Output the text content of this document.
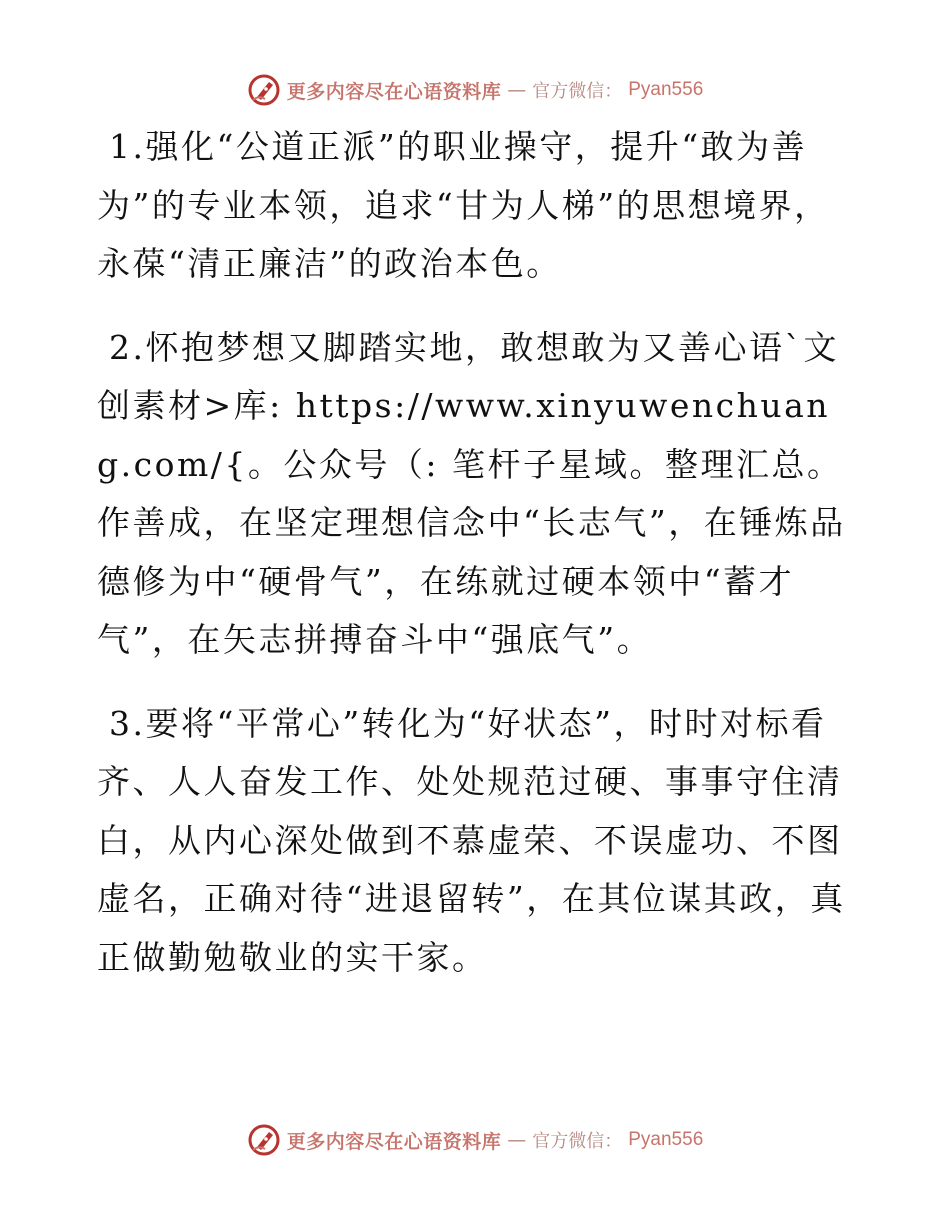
更多内容尽在心语资料库 — 官方微信： Pyan556

1.强化“公道正派”的职业操守，提升“敢为善为”的专业本领，追求“甘为人梯”的思想境界，永葆“清正廉洁”的政治本色。

2.怀抱梦想又脚踏实地，敢想敢为又善心语`文创素材>库: https://www.xinyuwenchuang.com/{。公众号（: 笔杆子星域。整理汇总。作善成，在坚定理想信念中“长志气”，在锤炼品德修为中“硬骨气”，在练就过硬本领中“蓄才气”，在矢志拼搏奋斗中“强底气”。

3.要将“平常心”转化为“好状态”，时时对标看齐、人人奋发工作、处处规范过硬、事事守住清白，从内心深处做到不慕虚荣、不误虚功、不图虚名，正确对待“进退留转”，在其位谋其政，真正做勤勉敬业的实干家。

更多内容尽在心语资料库 — 官方微信： Pyan556
